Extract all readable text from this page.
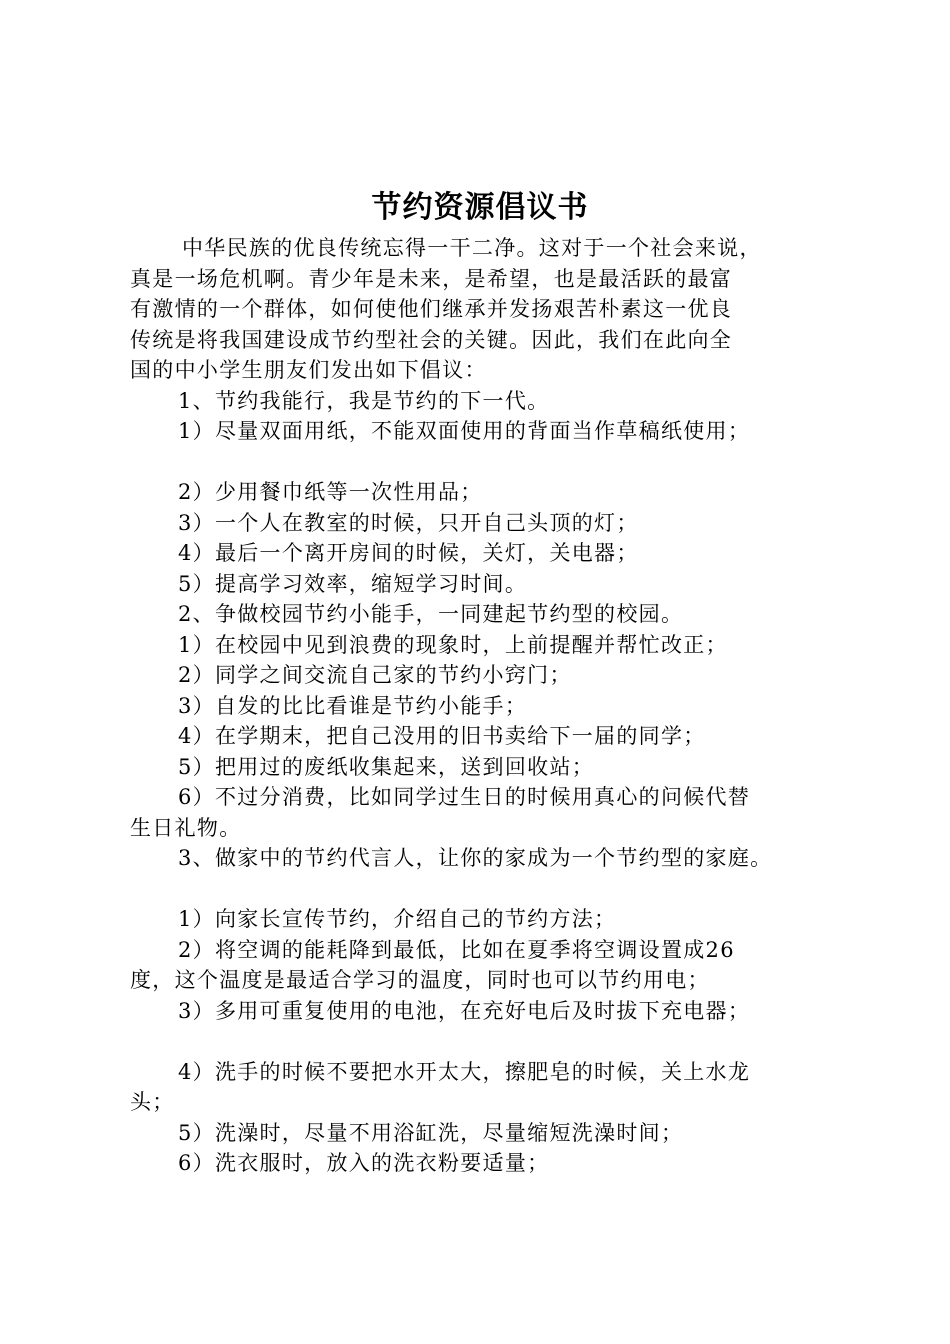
节约资源倡议书

中华民族的优良传统忘得一干二净。这对于一个社会来说，

真是一场危机啊。青少年是未来，是希望，也是最活跃的最富

有激情的一个群体，如何使他们继承并发扬艰苦朴素这一优良

传统是将我国建设成节约型社会的关键。因此，我们在此向全

国的中小学生朋友们发出如下倡议：

1、节约我能行，我是节约的下一代。

1）尽量双面用纸，不能双面使用的背面当作草稿纸使用；

2）少用餐巾纸等一次性用品；

3）一个人在教室的时候，只开自己头顶的灯；

4）最后一个离开房间的时候，关灯，关电器；

5）提高学习效率，缩短学习时间。

2、争做校园节约小能手，一同建起节约型的校园。

1）在校园中见到浪费的现象时，上前提醒并帮忙改正；

2）同学之间交流自己家的节约小窍门；

3）自发的比比看谁是节约小能手；

4）在学期末，把自己没用的旧书卖给下一届的同学；

5）把用过的废纸收集起来，送到回收站；

6）不过分消费，比如同学过生日的时候用真心的问候代替

生日礼物。

3、做家中的节约代言人，让你的家成为一个节约型的家庭。

1）向家长宣传节约，介绍自己的节约方法；

2）将空调的能耗降到最低，比如在夏季将空调设置成26

度，这个温度是最适合学习的温度，同时也可以节约用电；

3）多用可重复使用的电池，在充好电后及时拔下充电器；

4）洗手的时候不要把水开太大，擦肥皂的时候，关上水龙

头；

5）洗澡时，尽量不用浴缸洗，尽量缩短洗澡时间；

6）洗衣服时，放入的洗衣粉要适量；
